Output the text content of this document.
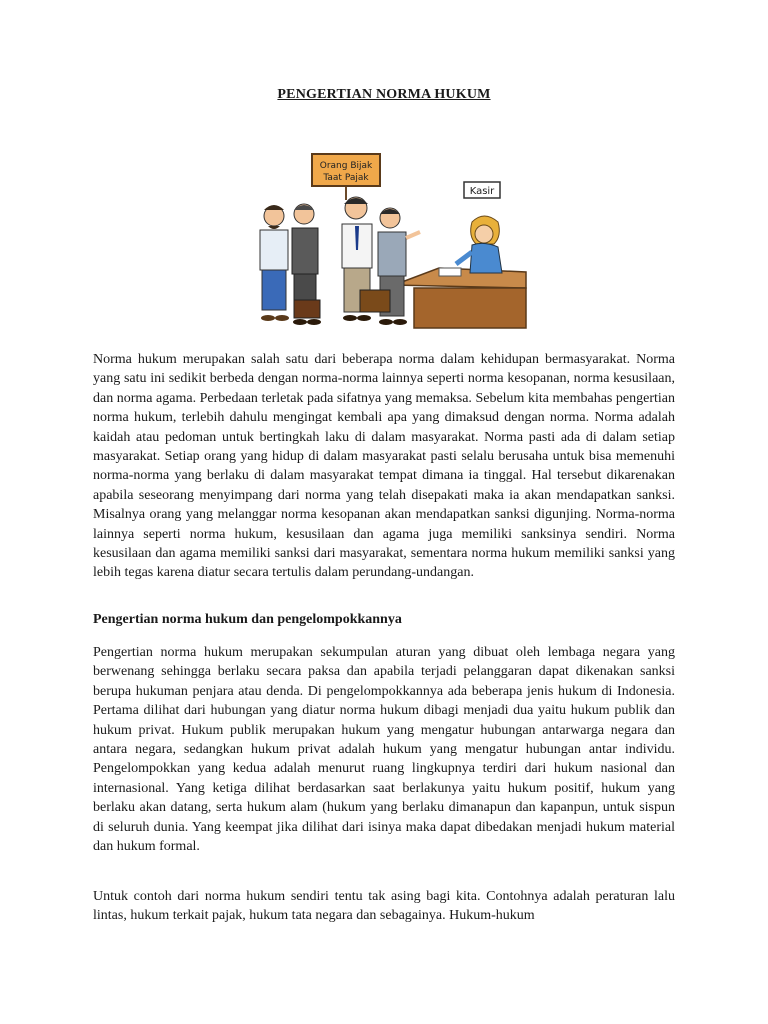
PENGERTIAN NORMA HUKUM
Orang Bijak
Taat Pajak
Kasir
Norma hukum merupakan salah satu dari beberapa norma dalam kehidupan bermasyarakat. Norma yang satu ini sedikit berbeda dengan norma-norma lainnya seperti norma kesopanan, norma kesusilaan, dan norma agama. Perbedaan terletak pada sifatnya yang memaksa. Sebelum kita membahas pengertian norma hukum, terlebih dahulu mengingat kembali apa yang dimaksud dengan norma. Norma adalah kaidah atau pedoman untuk bertingkah laku di dalam masyarakat. Norma pasti ada di dalam setiap masyarakat. Setiap orang yang hidup di dalam masyarakat pasti selalu berusaha untuk bisa memenuhi norma-norma yang berlaku di dalam masyarakat tempat dimana ia tinggal. Hal tersebut dikarenakan apabila seseorang menyimpang dari norma yang telah disepakati maka ia akan mendapatkan sanksi. Misalnya orang yang melanggar norma kesopanan akan mendapatkan sanksi digunjing. Norma-norma lainnya seperti norma hukum, kesusilaan dan agama juga memiliki sanksinya sendiri. Norma kesusilaan dan agama memiliki sanksi dari masyarakat, sementara norma hukum memiliki sanksi yang lebih tegas karena diatur secara tertulis dalam perundang-undangan.
Pengertian norma hukum dan pengelompokkannya
Pengertian norma hukum merupakan sekumpulan aturan yang dibuat oleh lembaga negara yang berwenang sehingga berlaku secara paksa dan apabila terjadi pelanggaran dapat dikenakan sanksi berupa hukuman penjara atau denda. Di pengelompokkannya ada beberapa jenis hukum di Indonesia. Pertama dilihat dari hubungan yang diatur norma hukum dibagi menjadi dua yaitu hukum publik dan hukum privat. Hukum publik merupakan hukum yang mengatur hubungan antarwarga negara dan antara negara, sedangkan hukum privat adalah hukum yang mengatur hubungan antar individu. Pengelompokkan yang kedua adalah menurut ruang lingkupnya terdiri dari hukum nasional dan internasional. Yang ketiga dilihat berdasarkan saat berlakunya yaitu hukum positif, hukum yang berlaku akan datang, serta hukum alam (hukum yang berlaku dimanapun dan kapanpun, untuk sispun di seluruh dunia. Yang keempat jika dilihat dari isinya maka dapat dibedakan menjadi hukum material dan hukum formal.
Untuk contoh dari norma hukum sendiri tentu tak asing bagi kita. Contohnya adalah peraturan lalu lintas, hukum terkait pajak, hukum tata negara dan sebagainya. Hukum-hukum
